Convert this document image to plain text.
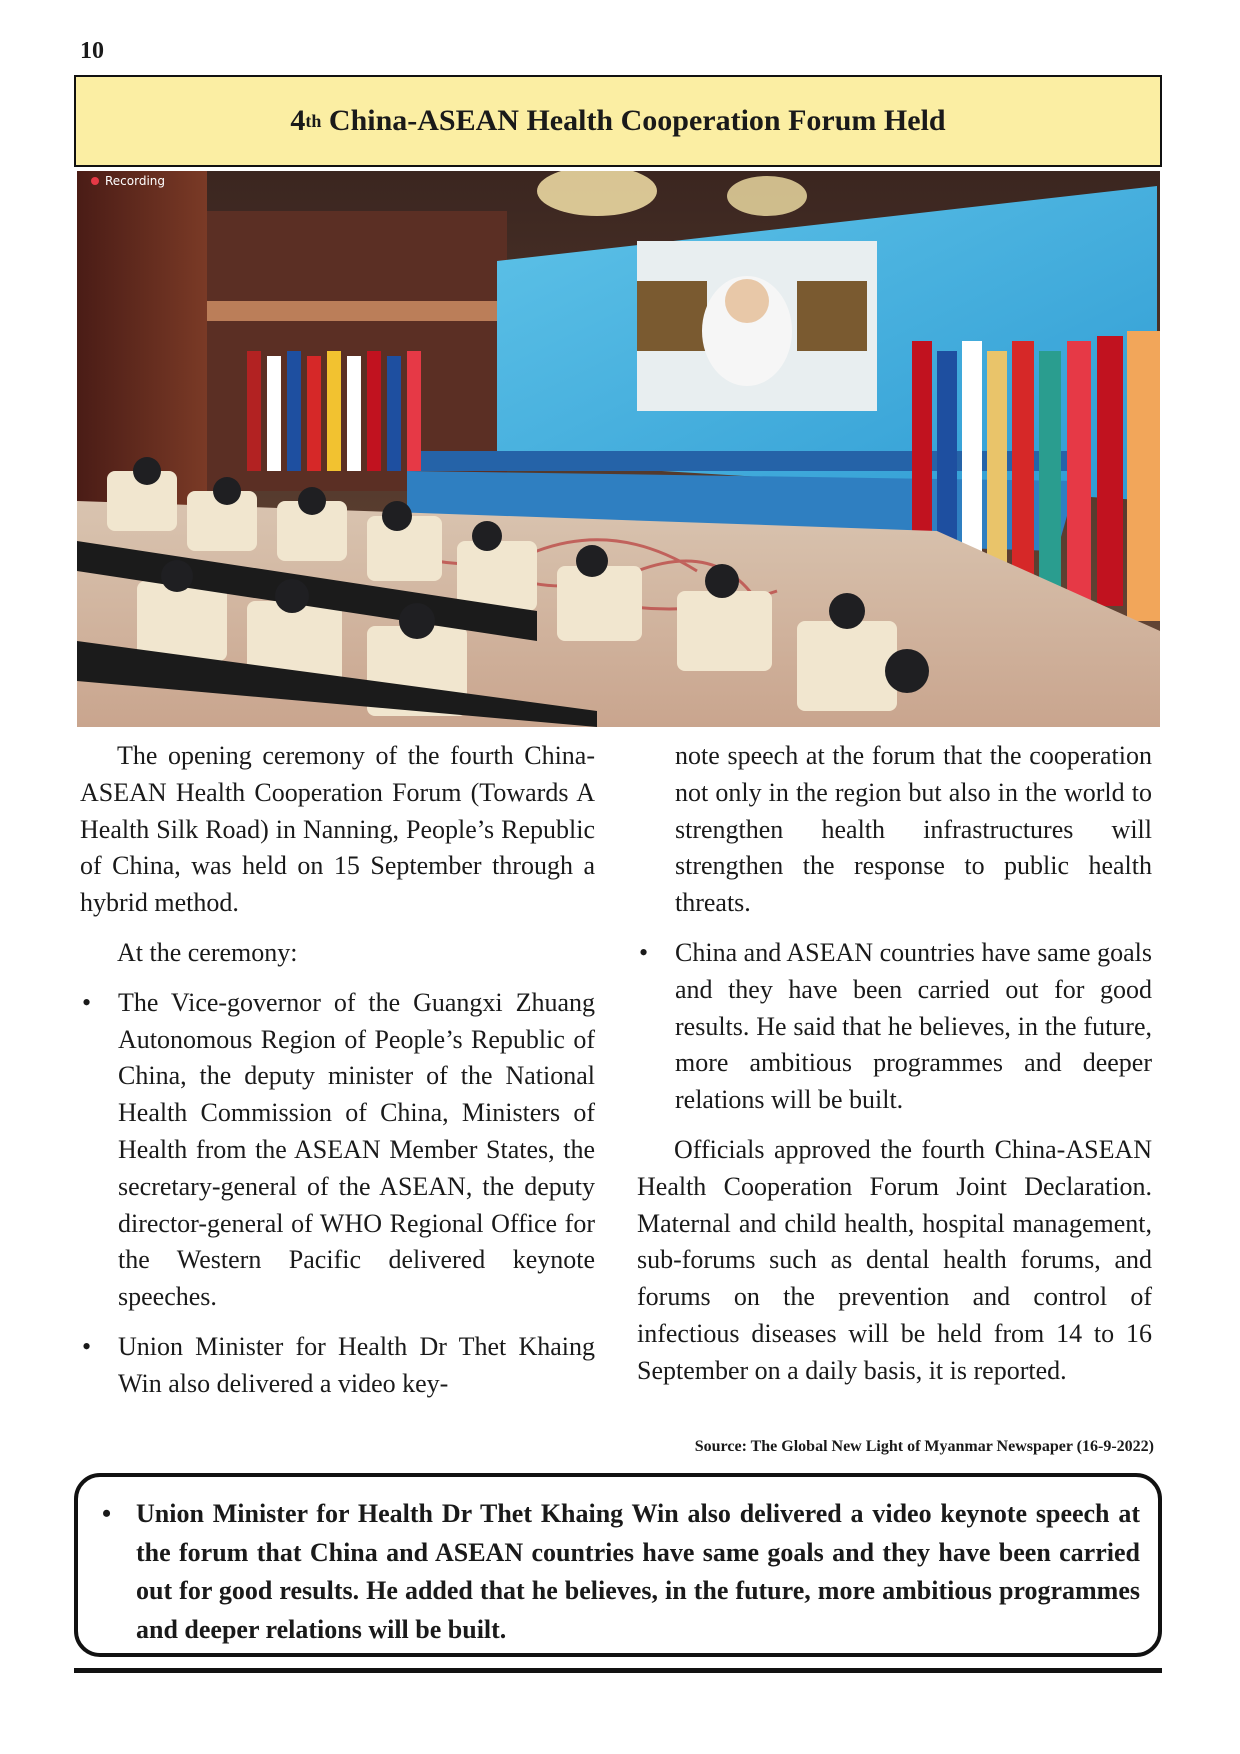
10
4 th China-ASEAN Health Cooperation Forum Held
Recording

The opening ceremony of the fourth China-ASEAN Health Cooperation Forum (Towards A Health Silk Road) in Nanning, People’s Republic of China, was held on 15 September through a hybrid method.

At the ceremony:

• The Vice-governor of the Guangxi Zhuang Autonomous Region of People’s Republic of China, the deputy minister of the National Health Commission of China, Ministers of Health from the ASEAN Member States, the secretary-general of the ASEAN, the deputy director-general of WHO Regional Office for the Western Pacific delivered keynote speeches.
• Union Minister for Health Dr Thet Khaing Win also delivered a video key-

note speech at the forum that the cooperation not only in the region but also in the world to strengthen health infrastructures will strengthen the response to public health threats.

• China and ASEAN countries have same goals and they have been carried out for good results. He said that he believes, in the future, more ambitious programmes and deeper relations will be built.

Officials approved the fourth China-ASEAN Health Cooperation Forum Joint Declaration. Maternal and child health, hospital management, sub-forums such as dental health forums, and forums on the prevention and control of infectious diseases will be held from 14 to 16 September on a daily basis, it is reported.

Source: The Global New Light of Myanmar Newspaper (16-9-2022)
• Union Minister for Health Dr Thet Khaing Win also delivered a video keynote speech at the forum that China and ASEAN countries have same goals and they have been carried out for good results. He added that he believes, in the future, more ambitious programmes and deeper relations will be built.
